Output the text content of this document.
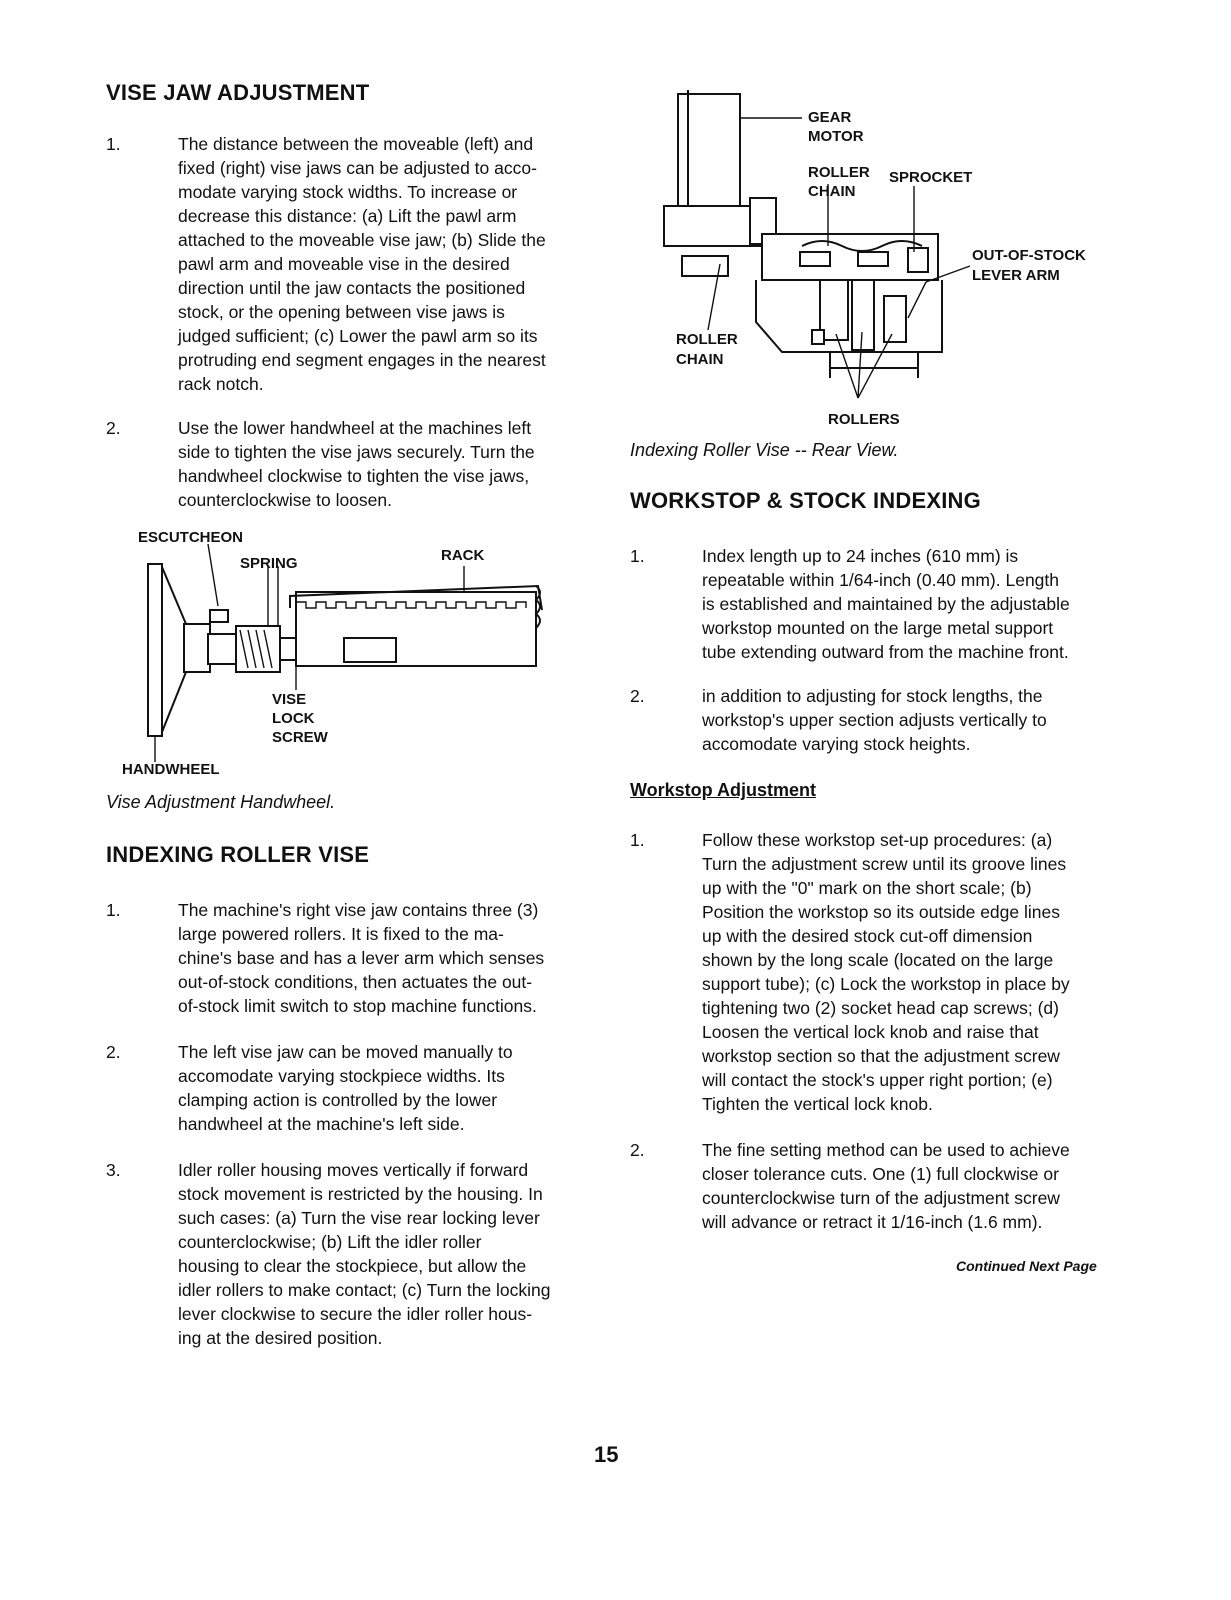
VISE JAW ADJUSTMENT
1.	The distance between the moveable (left) and
fixed (right) vise jaws can be adjusted to acco-
modate varying stock widths. To increase or
decrease this distance: (a) Lift the pawl arm
attached to the moveable vise jaw; (b) Slide the
pawl arm and moveable vise in the desired
direction until the jaw contacts the positioned
stock, or the opening between vise jaws is
judged sufficient; (c) Lower the pawl arm so its
protruding end segment engages in the nearest
rack notch.
2.	Use the lower handwheel at the machines left
side to tighten the vise jaws securely. Turn the
handwheel clockwise to tighten the vise jaws,
counterclockwise to loosen.
ESCUTCHEON
SPRING	RACK
VISE
LOCK
SCREW
HANDWHEEL
Vise Adjustment Handwheel.
INDEXING ROLLER VISE
1.	The machine's right vise jaw contains three (3)
large powered rollers. It is fixed to the ma-
chine's base and has a lever arm which senses
out-of-stock conditions, then actuates the out-
of-stock limit switch to stop machine functions.
2.	The left vise jaw can be moved manually to
accomodate varying stockpiece widths. Its
clamping action is controlled by the lower
handwheel at the machine's left side.
3.	Idler roller housing moves vertically if forward
stock movement is restricted by the housing. In
such cases: (a) Turn the vise rear locking lever
counterclockwise; (b) Lift the idler roller
housing to clear the stockpiece, but allow the
idler rollers to make contact; (c) Turn the locking
lever clockwise to secure the idler roller hous-
ing at the desired position.
GEAR
MOTOR
ROLLER
CHAIN
SPROCKET
OUT-OF-STOCK
LEVER ARM
ROLLER
CHAIN
ROLLERS
Indexing Roller Vise -- Rear View.
WORKSTOP & STOCK INDEXING
1.	Index length up to 24 inches (610 mm) is
repeatable within 1/64-inch (0.40 mm). Length
is established and maintained by the adjustable
workstop mounted on the large metal support
tube extending outward from the machine front.
2.	in addition to adjusting for stock lengths, the
workstop's upper section adjusts vertically to
accomodate varying stock heights.
Workstop Adjustment
1.	Follow these workstop set-up procedures: (a)
Turn the adjustment screw until its groove lines
up with the "0" mark on the short scale; (b)
Position the workstop so its outside edge lines
up with the desired stock cut-off dimension
shown by the long scale (located on the large
support tube); (c) Lock the workstop in place by
tightening two (2) socket head cap screws; (d)
Loosen the vertical lock knob and raise that
workstop section so that the adjustment screw
will contact the stock's upper right portion; (e)
Tighten the vertical lock knob.
2.	The fine setting method can be used to achieve
closer tolerance cuts. One (1) full clockwise or
counterclockwise turn of the adjustment screw
will advance or retract it 1/16-inch (1.6 mm).
Continued Next Page
15
